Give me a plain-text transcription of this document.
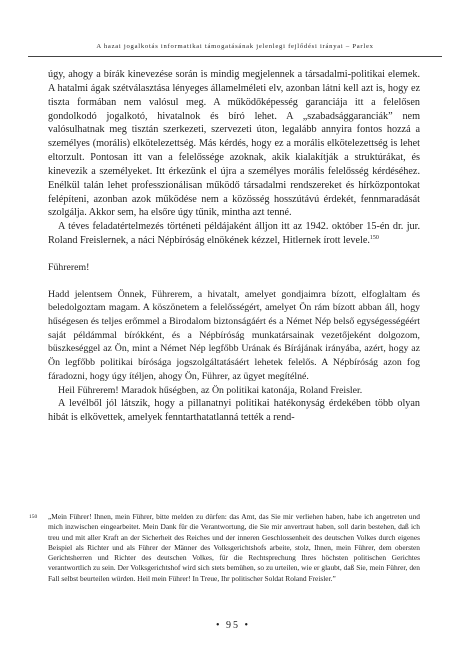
A hazai jogalkotás informatikai támogatásának jelenlegi fejlődési irányai – Parlex

úgy, ahogy a bírák kinevezése során is mindig megjelennek a társadalmi-politikai elemek. A hatalmi ágak szétválasztása lényeges államelméleti elv, azonban látni kell azt is, hogy ez tiszta formában nem valósul meg. A működőképesség garanciája itt a felelősen gondolkodó jogalkotó, hivatalnok és bíró lehet. A „szabadsággaranciák” nem valósulhatnak meg tisztán szerkezeti, szervezeti úton, legalább annyira fontos hozzá a személyes (morális) elkötelezettség. Más kérdés, hogy ez a morális elkötelezettség is lehet eltorzult. Pontosan itt van a felelőssége azoknak, akik kialakítják a struktúrákat, és kinevezik a személyeket. Itt érkezünk el újra a személyes morális felelősség kérdéséhez. Enélkül talán lehet professzionálisan működő társadalmi rendszereket és hírközpontokat felépíteni, azonban azok működése nem a közösség hosszútávú érdekét, fennmaradását szolgálja. Akkor sem, ha elsőre úgy tűnik, mintha azt tenné.

A téves feladatértelmezés történeti példájaként álljon itt az 1942. október 15-én dr. jur. Roland Freislernek, a náci Népbíróság elnökének kézzel, Hitlernek írott levele.$^{150}$

Führerem!

Hadd jelentsem Önnek, Führerem, a hivatalt, amelyet gondjaimra bízott, elfoglaltam és beledolgoztam magam. A köszönetem a felelősségért, amelyet Ön rám bízott abban áll, hogy hűségesen és teljes erőmmel a Birodalom biztonságáért és a Német Nép belső egységességéért saját példámmal bírókként, és a Népbíróság munkatársainak vezetőjeként dolgozom, büszkeséggel az Ön, mint a Német Nép legfőbb Urának és Bírájának irányába, azért, hogy az Ön legfőbb politikai bírósága jogszolgáltatásáért lehetek felelős. A Népbíróság azon fog fáradozni, hogy úgy ítéljen, ahogy Ön, Führer, az ügyet megítélné.

Heil Führerem! Maradok hűségben, az Ön politikai katonája, Roland Freisler.

A levélből jól látszik, hogy a pillanatnyi politikai hatékonyság érdekében több olyan hibát is elkövettek, amelyek fenntarthatatlanná tették a rend-

150 „Mein Führer! Ihnen, mein Führer, bitte melden zu dürfen: das Amt, das Sie mir verliehen haben, habe ich angetreten und mich inzwischen eingearbeitet. Mein Dank für die Verantwortung, die Sie mir anvertraut haben, soll darin bestehen, daß ich treu und mit aller Kraft an der Sicherheit des Reiches und der inneren Geschlossenheit des deutschen Volkes durch eigenes Beispiel als Richter und als Führer der Männer des Volksgerichtshofs arbeite, stolz, Ihnen, mein Führer, dem obersten Gerichtsherren und Richter des deutschen Volkes, für die Rechtsprechung Ihres höchsten politischen Gerichtes verantwortlich zu sein. Der Volksgerichtshof wird sich stets bemühen, so zu urteilen, wie er glaubt, daß Sie, mein Führer, den Fall selbst beurteilen würden. Heil mein Führer! In Treue, Ihr politischer Soldat Roland Freisler.”
• 95 •
